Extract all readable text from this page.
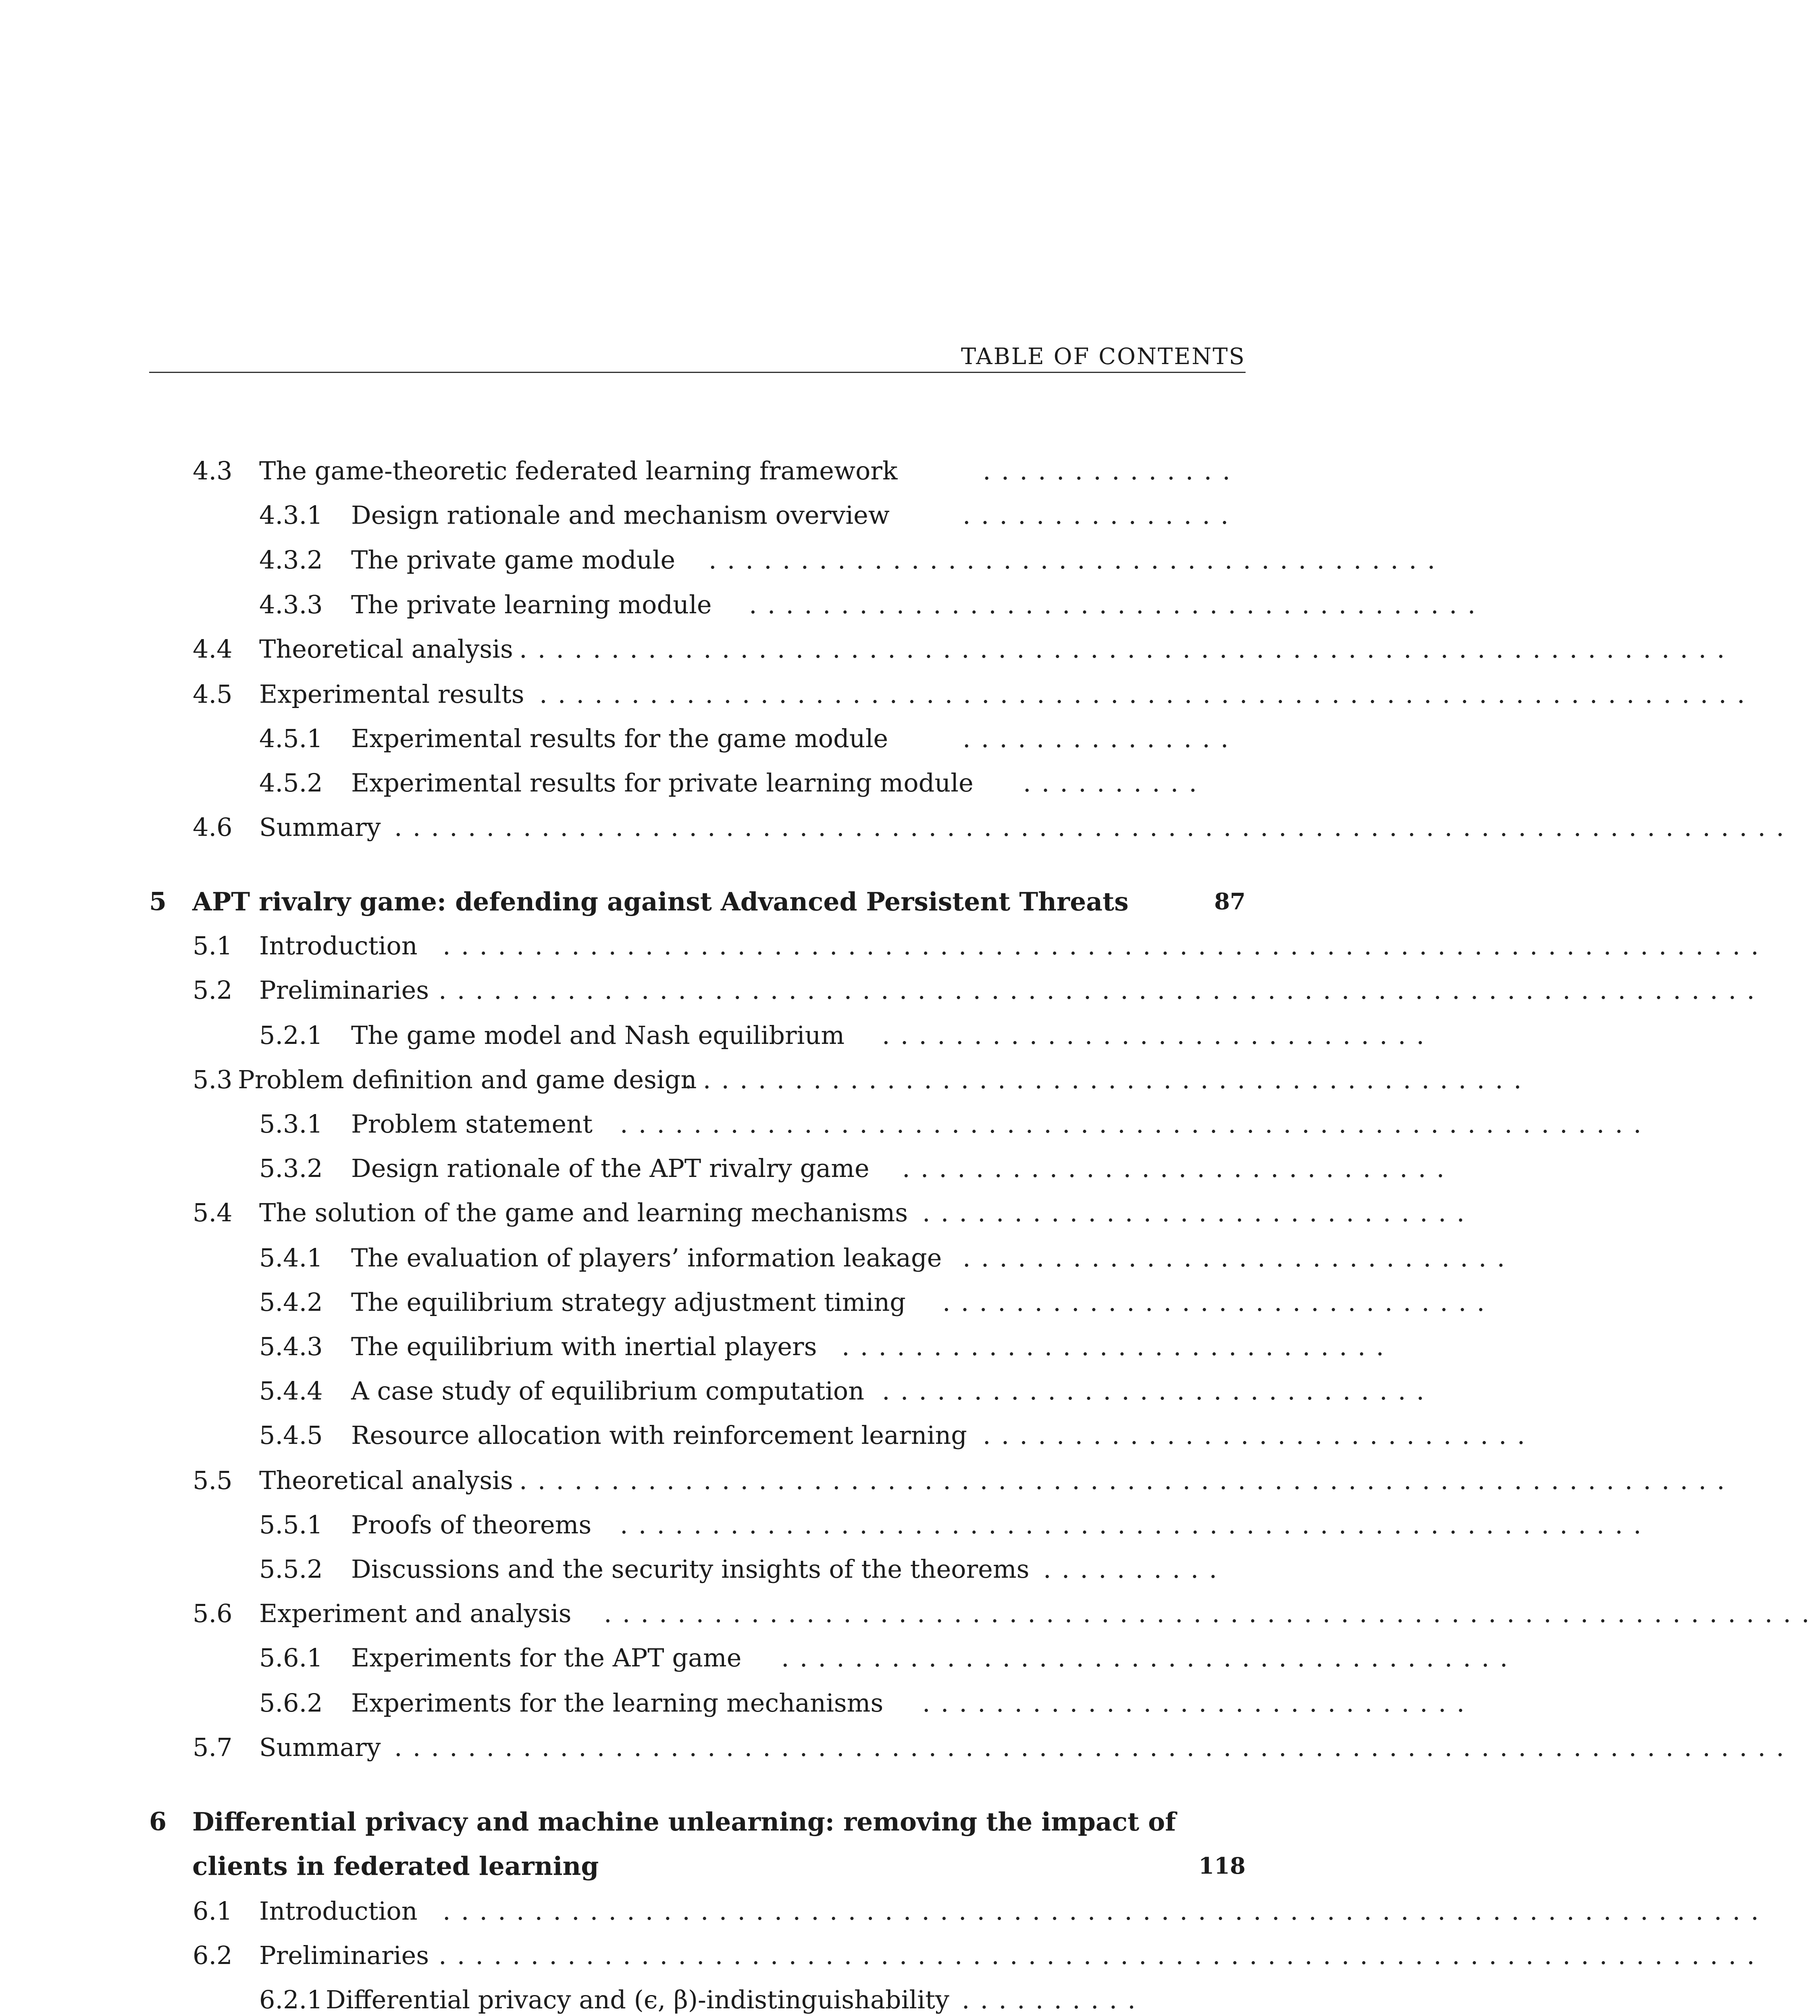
TABLE OF CONTENTS
4.3 The game-theoretic federated learning framework	..............
4.3.1 Design rationale and mechanism overview	...............
4.3.2 The private game module ........................................
4.3.3 The private learning module ........................................
4.4 Theoretical analysis ..................................................................
4.5 Experimental results ..................................................................
4.5.1 Experimental results for the game module	...............
4.5.2 Experimental results for private learning module ..........
4.6 Summary ............................................................................
5 APT rivalry game: defending against Advanced Persistent Threats	87
5.1 Introduction ........................................................................
5.2 Preliminaries ........................................................................
5.2.1 The game model and Nash equilibrium ..............................
5.3 Problem definition and game design
..............................................
5.3.1 Problem statement ........................................................
5.3.2 Design rationale of the APT rivalry game ..............................
5.4 The solution of the game and learning mechanisms ..............................
5.4.1 The evaluation of players’ information leakage ..............................
5.4.2 The equilibrium strategy adjustment timing ..............................
5.4.3 The equilibrium with inertial players ..............................
5.4.4 A case study of equilibrium computation ..............................
5.4.5 Resource allocation with reinforcement learning ..............................
5.5 Theoretical analysis ..................................................................
5.5.1 Proofs of theorems ........................................................
5.5.2 Discussions and the security insights of the theorems ..........
5.6 Experiment and analysis ..................................................................
5.6.1 Experiments for the APT game ........................................
5.6.2 Experiments for the learning mechanisms ..............................
5.7 Summary ............................................................................
6 Differential privacy and machine unlearning: removing the impact of
clients in federated learning	118
6.1 Introduction ........................................................................
6.2 Preliminaries ........................................................................
6.2.1 Differential privacy and (ϵ, β)-indistinguishability ..........
